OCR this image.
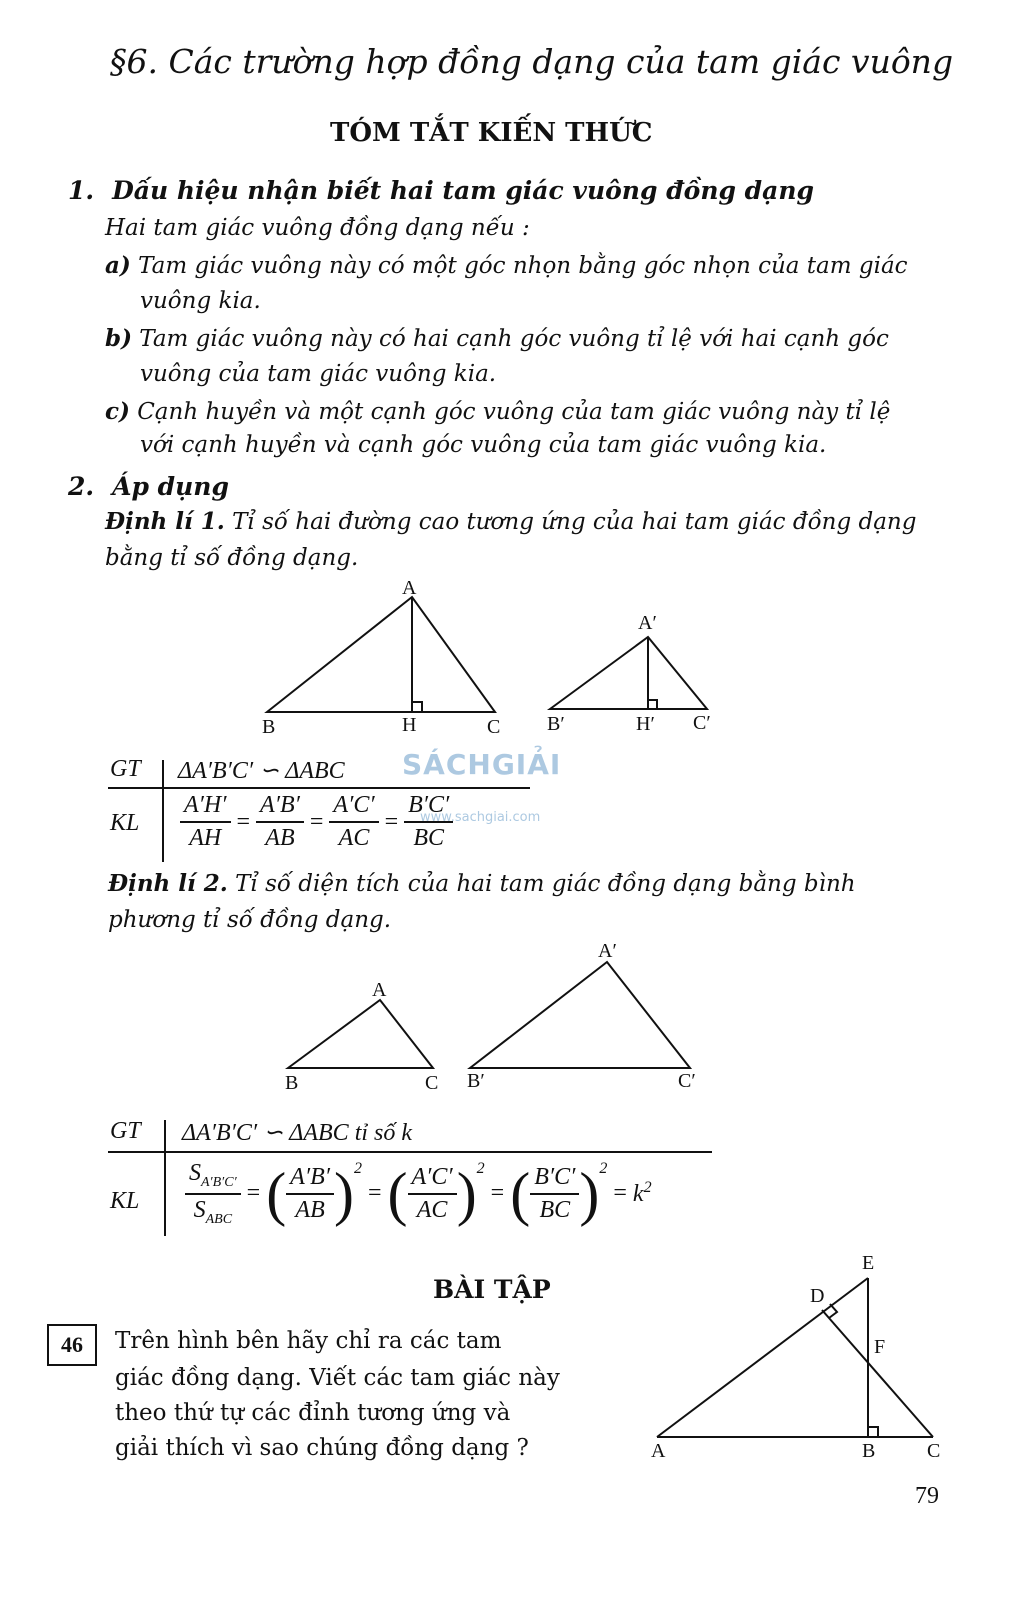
§6. Các trường hợp đồng dạng của tam giác vuông
TÓM TẮT KIẾN THỨC
1. Dấu hiệu nhận biết hai tam giác vuông đồng dạng
Hai tam giác vuông đồng dạng nếu :
a) Tam giác vuông này có một góc nhọn bằng góc nhọn của tam giác
vuông kia.
b) Tam giác vuông này có hai cạnh góc vuông tỉ lệ với hai cạnh góc
vuông của tam giác vuông kia.
c) Cạnh huyền và một cạnh góc vuông của tam giác vuông này tỉ lệ
với cạnh huyền và cạnh góc vuông của tam giác vuông kia.
2. Áp dụng
Định lí 1. Tỉ số hai đường cao tương ứng của hai tam giác đồng dạng
bằng tỉ số đồng dạng.
A
B	H	C
A′
B′	H′ C′
GT ΔA′B′C′ ∽ ΔABC
KL $\frac{A'H'}{AH} = \frac{A'B'}{AB} = \frac{A'C'}{AC} = \frac{B'C'}{BC}$
SÁCHGIẢI
www.sachgiai.com
Định lí 2. Tỉ số diện tích của hai tam giác đồng dạng bằng bình
phương tỉ số đồng dạng.
A
B	C
A′
B′	C′
GT ΔA′B′C′ ∽ ΔABC tỉ số k
KL $\frac{S_{A'B'C'}}{S_{ABC}}$ = ( $\frac{A'B'}{AB} )^2=$ ( $\frac{A'C'}{AC} )^2=$ ( $\frac{B'C'}{BC} )^2= k^2$
BÀI TẬP
46	Trên hình bên hãy chỉ ra các tam
giác đồng dạng. Viết các tam giác này
theo thứ tự các đỉnh tương ứng và
giải thích vì sao chúng đồng dạng ?
E
D
F
A	B	C
79
